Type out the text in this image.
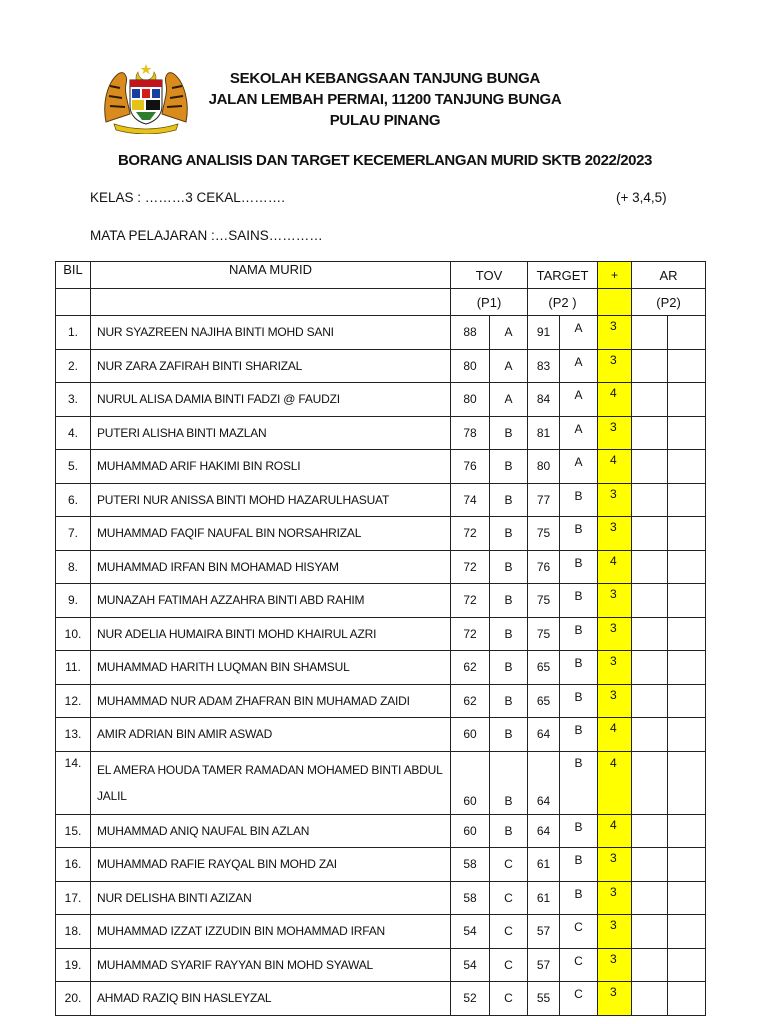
SEKOLAH KEBANGSAAN TANJUNG BUNGA
JALAN LEMBAH PERMAI, 11200 TANJUNG BUNGA
PULAU PINANG
BORANG ANALISIS DAN TARGET KECEMERLANGAN MURID SKTB 2022/2023
KELAS : ………3 CEKAL……….	(+ 3,4,5)
MATA PELAJARAN :…SAINS…………
BIL	NAMA MURID	TOV		TARGET		+	AR	
		(P1)		(P2 )			(P2)	
1.	NUR SYAZREEN NAJIHA BINTI MOHD SANI	88	A	91	A	3		
2.	NUR ZARA ZAFIRAH BINTI SHARIZAL	80	A	83	A	3		
3.	NURUL ALISA DAMIA BINTI FADZI @ FAUDZI	80	A	84	A	4		
4.	PUTERI ALISHA BINTI MAZLAN	78	B	81	A	3		
5.	MUHAMMAD ARIF HAKIMI BIN ROSLI	76	B	80	A	4		
6.	PUTERI NUR ANISSA BINTI MOHD HAZARULHASUAT	74	B	77	B	3		
7.	MUHAMMAD FAQIF NAUFAL BIN NORSAHRIZAL	72	B	75	B	3		
8.	MUHAMMAD IRFAN BIN MOHAMAD HISYAM	72	B	76	B	4		
9.	MUNAZAH FATIMAH AZZAHRA BINTI ABD RAHIM	72	B	75	B	3		
10.	NUR ADELIA HUMAIRA BINTI MOHD KHAIRUL AZRI	72	B	75	B	3		
11.	MUHAMMAD HARITH LUQMAN BIN SHAMSUL	62	B	65	B	3		
12.	MUHAMMAD NUR ADAM ZHAFRAN BIN MUHAMAD ZAIDI	62	B	65	B	3		
13.	AMIR ADRIAN BIN AMIR ASWAD	60	B	64	B	4		
14.	EL AMERA HOUDA TAMER RAMADAN MOHAMED BINTI ABDUL
JALIL	60	B	64	B	4		
15.	MUHAMMAD ANIQ NAUFAL BIN AZLAN	60	B	64	B	4		
16.	MUHAMMAD RAFIE RAYQAL BIN MOHD ZAI	58	C	61	B	3		
17.	NUR DELISHA BINTI AZIZAN	58	C	61	B	3		
18.	MUHAMMAD IZZAT IZZUDIN BIN MOHAMMAD IRFAN	54	C	57	C	3		
19.	MUHAMMAD SYARIF RAYYAN BIN MOHD SYAWAL	54	C	57	C	3		
20.	AHMAD RAZIQ BIN HASLEYZAL	52	C	55	C	3		
